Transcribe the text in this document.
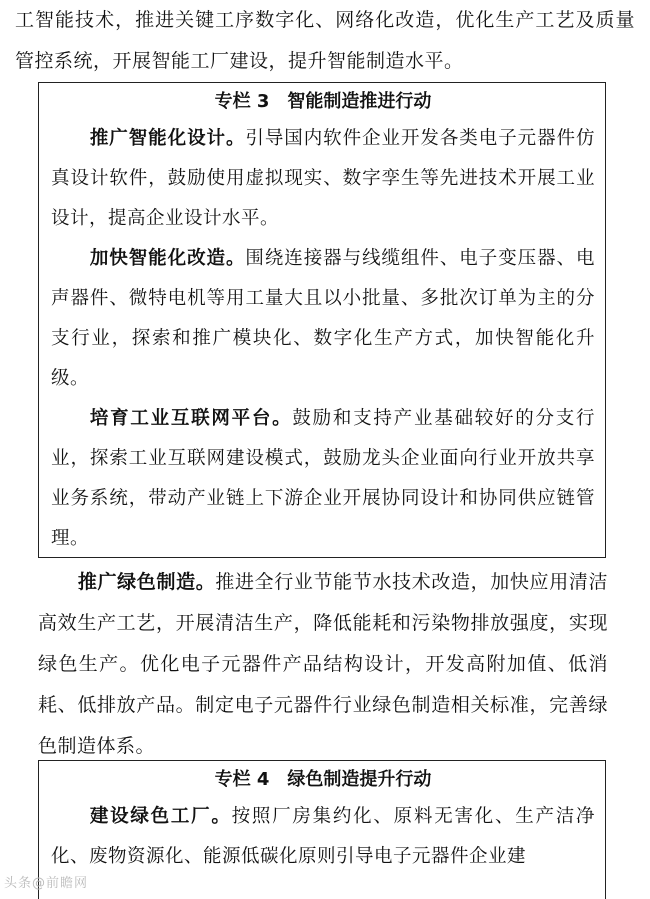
工智能技术，推进关键工序数字化、网络化改造，优化生产工艺及质量管控系统，开展智能工厂建设，提升智能制造水平。

专栏 3　智能制造推进行动

推广智能化设计。引导国内软件企业开发各类电子元器件仿真设计软件，鼓励使用虚拟现实、数字孪生等先进技术开展工业设计，提高企业设计水平。

加快智能化改造。围绕连接器与线缆组件、电子变压器、电声器件、微特电机等用工量大且以小批量、多批次订单为主的分支行业，探索和推广模块化、数字化生产方式，加快智能化升级。

培育工业互联网平台。鼓励和支持产业基础较好的分支行业，探索工业互联网建设模式，鼓励龙头企业面向行业开放共享业务系统，带动产业链上下游企业开展协同设计和协同供应链管理。

推广绿色制造。推进全行业节能节水技术改造，加快应用清洁高效生产工艺，开展清洁生产，降低能耗和污染物排放强度，实现绿色生产。优化电子元器件产品结构设计，开发高附加值、低消耗、低排放产品。制定电子元器件行业绿色制造相关标准，完善绿色制造体系。

专栏 4　绿色制造提升行动

建设绿色工厂。按照厂房集约化、原料无害化、生产洁净化、废物资源化、能源低碳化原则引导电子元器件企业建

头条@前瞻网
